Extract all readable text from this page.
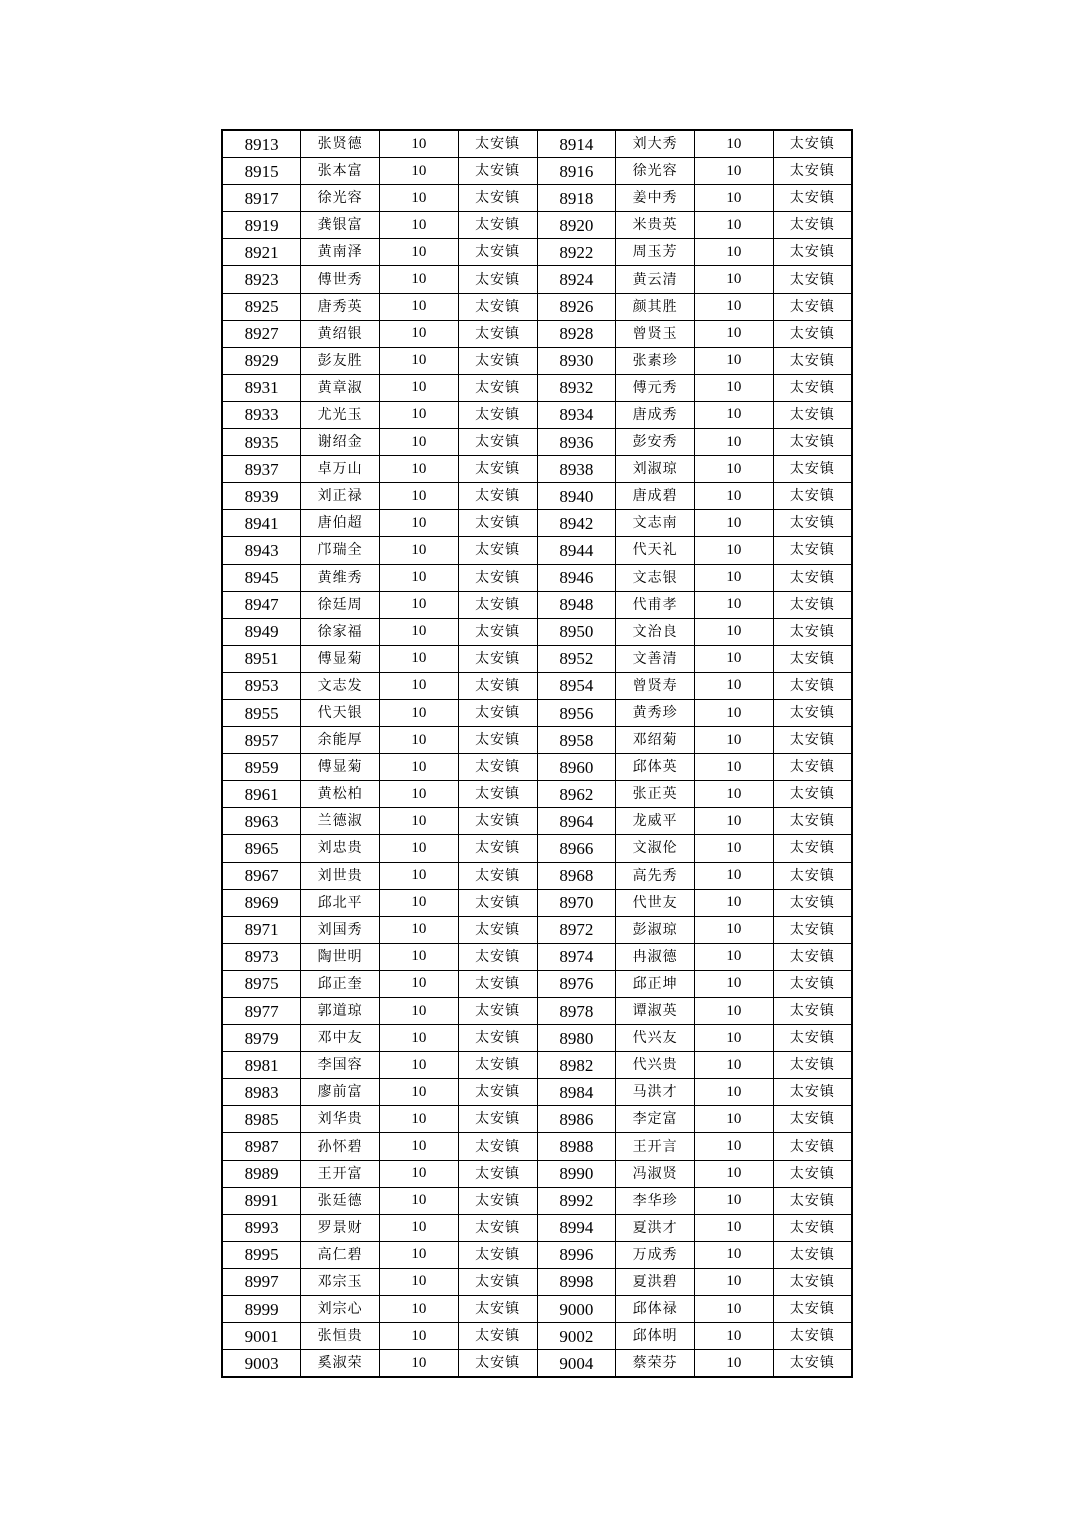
8913	张贤德	10	太安镇	8914	刘大秀	10	太安镇
8915	张本富	10	太安镇	8916	徐光容	10	太安镇
8917	徐光容	10	太安镇	8918	姜中秀	10	太安镇
8919	龚银富	10	太安镇	8920	米贵英	10	太安镇
8921	黄南泽	10	太安镇	8922	周玉芳	10	太安镇
8923	傅世秀	10	太安镇	8924	黄云清	10	太安镇
8925	唐秀英	10	太安镇	8926	颜其胜	10	太安镇
8927	黄绍银	10	太安镇	8928	曾贤玉	10	太安镇
8929	彭友胜	10	太安镇	8930	张素珍	10	太安镇
8931	黄章淑	10	太安镇	8932	傅元秀	10	太安镇
8933	尤光玉	10	太安镇	8934	唐成秀	10	太安镇
8935	谢绍金	10	太安镇	8936	彭安秀	10	太安镇
8937	卓万山	10	太安镇	8938	刘淑琼	10	太安镇
8939	刘正禄	10	太安镇	8940	唐成碧	10	太安镇
8941	唐伯超	10	太安镇	8942	文志南	10	太安镇
8943	邝瑞全	10	太安镇	8944	代天礼	10	太安镇
8945	黄维秀	10	太安镇	8946	文志银	10	太安镇
8947	徐廷周	10	太安镇	8948	代甫孝	10	太安镇
8949	徐家福	10	太安镇	8950	文治良	10	太安镇
8951	傅显菊	10	太安镇	8952	文善清	10	太安镇
8953	文志发	10	太安镇	8954	曾贤寿	10	太安镇
8955	代天银	10	太安镇	8956	黄秀珍	10	太安镇
8957	余能厚	10	太安镇	8958	邓绍菊	10	太安镇
8959	傅显菊	10	太安镇	8960	邱体英	10	太安镇
8961	黄松柏	10	太安镇	8962	张正英	10	太安镇
8963	兰德淑	10	太安镇	8964	龙威平	10	太安镇
8965	刘忠贵	10	太安镇	8966	文淑伦	10	太安镇
8967	刘世贵	10	太安镇	8968	高先秀	10	太安镇
8969	邱北平	10	太安镇	8970	代世友	10	太安镇
8971	刘国秀	10	太安镇	8972	彭淑琼	10	太安镇
8973	陶世明	10	太安镇	8974	冉淑德	10	太安镇
8975	邱正奎	10	太安镇	8976	邱正坤	10	太安镇
8977	郭道琼	10	太安镇	8978	谭淑英	10	太安镇
8979	邓中友	10	太安镇	8980	代兴友	10	太安镇
8981	李国容	10	太安镇	8982	代兴贵	10	太安镇
8983	廖前富	10	太安镇	8984	马洪才	10	太安镇
8985	刘华贵	10	太安镇	8986	李定富	10	太安镇
8987	孙怀碧	10	太安镇	8988	王开言	10	太安镇
8989	王开富	10	太安镇	8990	冯淑贤	10	太安镇
8991	张廷德	10	太安镇	8992	李华珍	10	太安镇
8993	罗景财	10	太安镇	8994	夏洪才	10	太安镇
8995	高仁碧	10	太安镇	8996	万成秀	10	太安镇
8997	邓宗玉	10	太安镇	8998	夏洪碧	10	太安镇
8999	刘宗心	10	太安镇	9000	邱体禄	10	太安镇
9001	张恒贵	10	太安镇	9002	邱体明	10	太安镇
9003	奚淑荣	10	太安镇	9004	蔡荣芬	10	太安镇
